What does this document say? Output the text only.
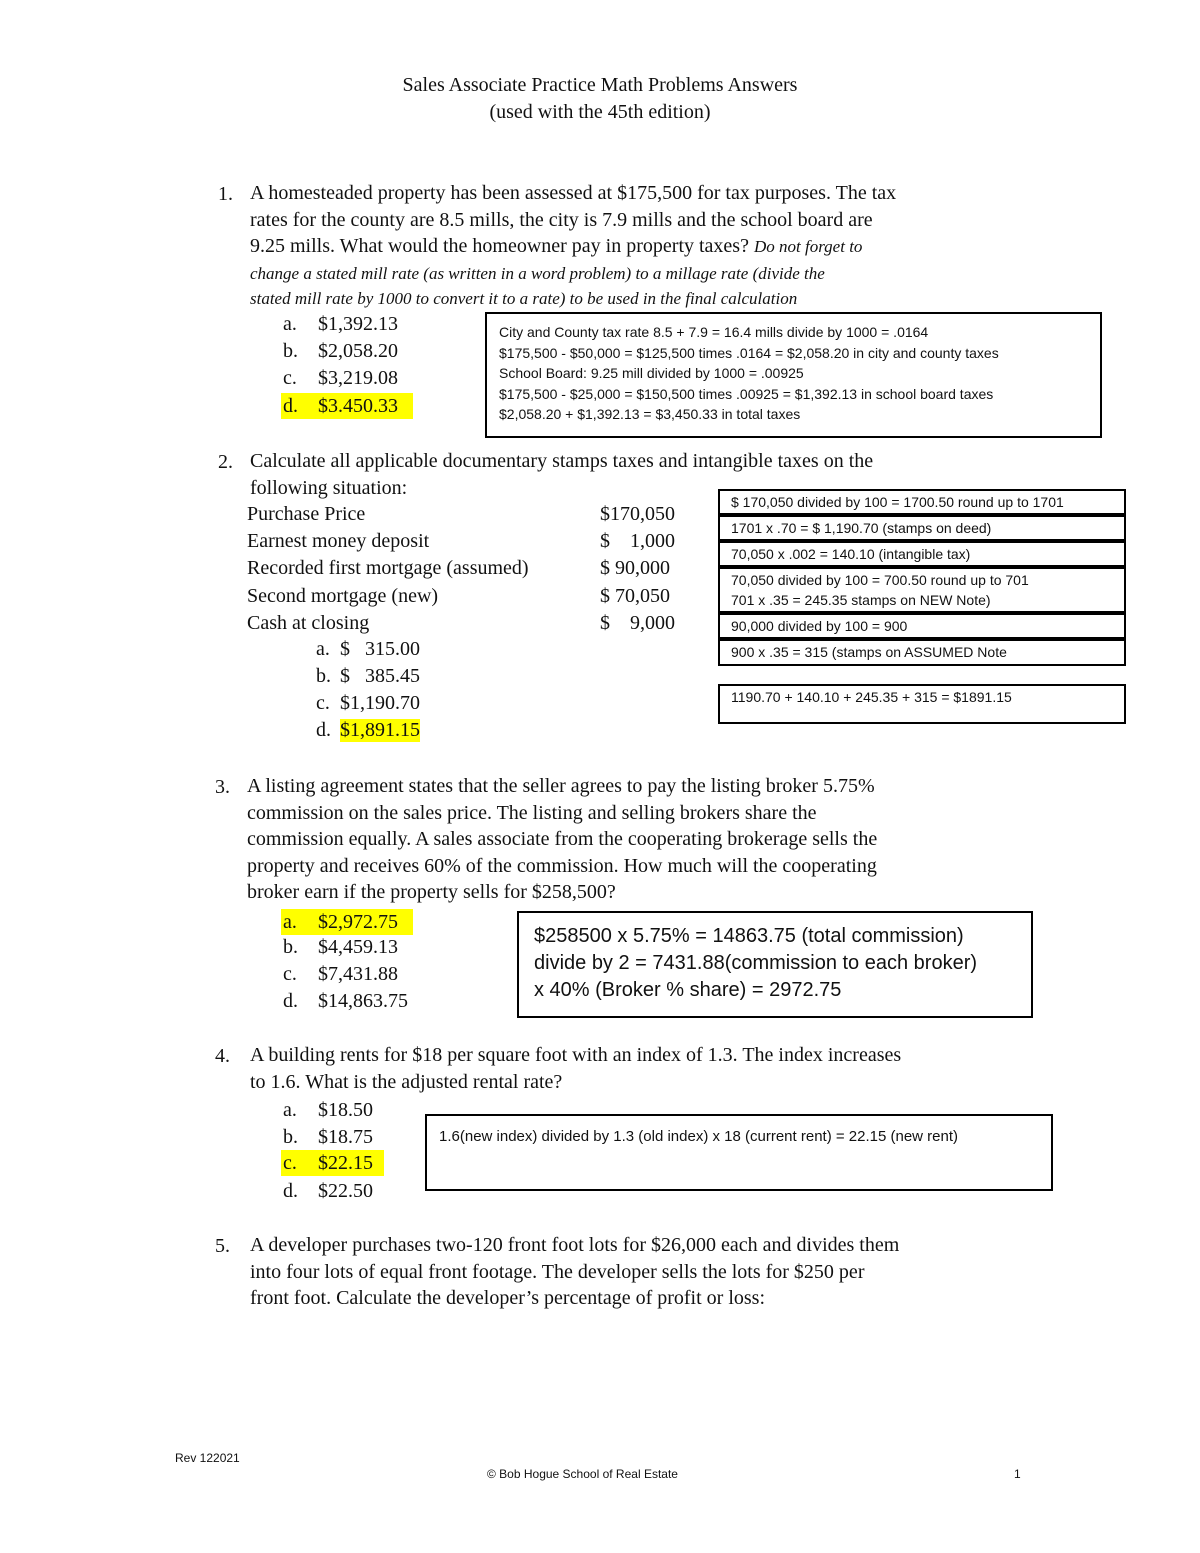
Sales Associate Practice Math Problems Answers
(used with the 45th edition)
1. A homesteaded property has been assessed at $175,500 for tax purposes. The tax
rates for the county are 8.5 mills, the city is 7.9 mills and the school board are
9.25 mills. What would the homeowner pay in property taxes? Do not forget to
change a stated mill rate (as written in a word problem) to a millage rate (divide the
stated mill rate by 1000 to convert it to a rate) to be used in the final calculation
a. $1,392.13
b. $2,058.20
c. $3,219.08
d. $3.450.33
City and County tax rate 8.5 + 7.9 = 16.4 mills divide by 1000 = .0164
$175,500 - $50,000 = $125,500 times .0164 = $2,058.20 in city and county taxes
School Board: 9.25 mill divided by 1000 = .00925
$175,500 - $25,000 = $150,500 times .00925 = $1,392.13 in school board taxes
$2,058.20 + $1,392.13 = $3,450.33 in total taxes
2. Calculate all applicable documentary stamps taxes and intangible taxes on the
following situation:
Purchase Price	$170,050
Earnest money deposit	$    1,000
Recorded first mortgage (assumed)	$ 90,000
Second mortgage (new)	$ 70,050
Cash at closing	$    9,000
a. $   315.00
b. $   385.45
c. $1,190.70
d. $1,891.15
$ 170,050 divided by 100 = 1700.50 round up to 1701
1701 x .70 = $ 1,190.70 (stamps on deed)
70,050 x .002 = 140.10 (intangible tax)
70,050 divided by 100 = 700.50 round up to 701
701 x .35 = 245.35 stamps on NEW Note)
90,000 divided by 100 = 900
900 x .35 = 315 (stamps on ASSUMED Note
1190.70 + 140.10 + 245.35 + 315 = $1891.15
3. A listing agreement states that the seller agrees to pay the listing broker 5.75%
commission on the sales price. The listing and selling brokers share the
commission equally. A sales associate from the cooperating brokerage sells the
property and receives 60% of the commission. How much will the cooperating
broker earn if the property sells for $258,500?
a. $2,972.75
b. $4,459.13
c. $7,431.88
d. $14,863.75
$258500 x 5.75% = 14863.75 (total commission)
divide by 2 = 7431.88(commission to each broker)
x 40% (Broker % share) = 2972.75
4. A building rents for $18 per square foot with an index of 1.3. The index increases
to 1.6. What is the adjusted rental rate?
a. $18.50
b. $18.75
c. $22.15
d. $22.50
1.6(new index) divided by 1.3 (old index) x 18 (current rent) = 22.15 (new rent)
5. A developer purchases two-120 front foot lots for $26,000 each and divides them
into four lots of equal front footage. The developer sells the lots for $250 per
front foot. Calculate the developer’s percentage of profit or loss:
Rev 122021
© Bob Hogue School of Real Estate	1
